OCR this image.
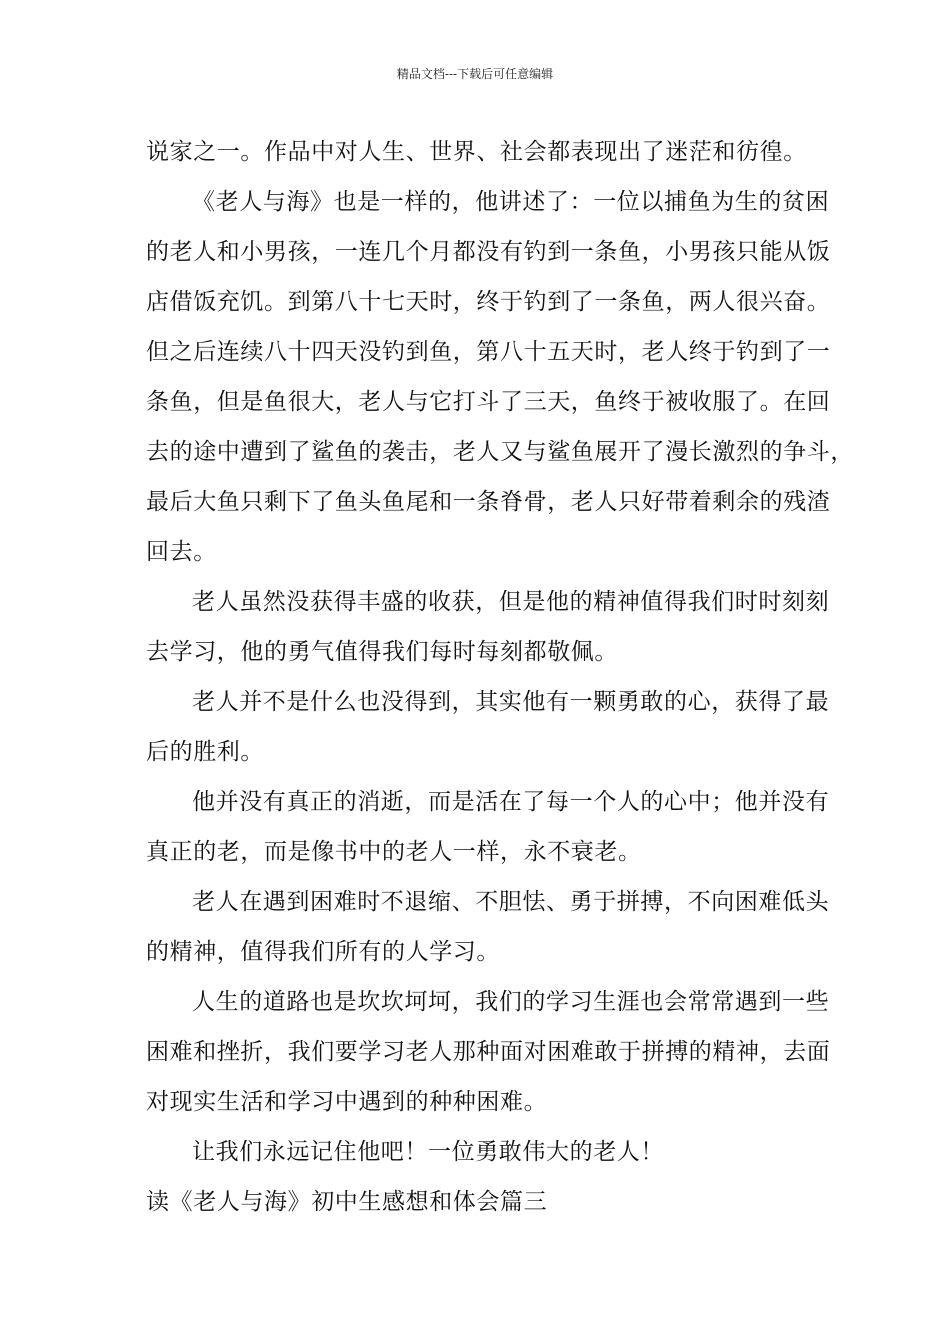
精品文档---下载后可任意编辑

说家之一。作品中对人生、世界、社会都表现出了迷茫和彷徨。

《老人与海》也是一样的，他讲述了：一位以捕鱼为生的贫困
的老人和小男孩，一连几个月都没有钓到一条鱼，小男孩只能从饭
店借饭充饥。到第八十七天时，终于钓到了一条鱼，两人很兴奋。
但之后连续八十四天没钓到鱼，第八十五天时，老人终于钓到了一
条鱼，但是鱼很大，老人与它打斗了三天，鱼终于被收服了。在回
去的途中遭到了鲨鱼的袭击，老人又与鲨鱼展开了漫长激烈的争斗，
最后大鱼只剩下了鱼头鱼尾和一条脊骨，老人只好带着剩余的残渣
回去。

老人虽然没获得丰盛的收获，但是他的精神值得我们时时刻刻
去学习，他的勇气值得我们每时每刻都敬佩。

老人并不是什么也没得到，其实他有一颗勇敢的心，获得了最
后的胜利。

他并没有真正的消逝，而是活在了每一个人的心中；他并没有
真正的老，而是像书中的老人一样，永不衰老。

老人在遇到困难时不退缩、不胆怯、勇于拼搏，不向困难低头
的精神，值得我们所有的人学习。

人生的道路也是坎坎坷坷，我们的学习生涯也会常常遇到一些
困难和挫折，我们要学习老人那种面对困难敢于拼搏的精神，去面
对现实生活和学习中遇到的种种困难。

让我们永远记住他吧！一位勇敢伟大的老人！

读《老人与海》初中生感想和体会篇三
